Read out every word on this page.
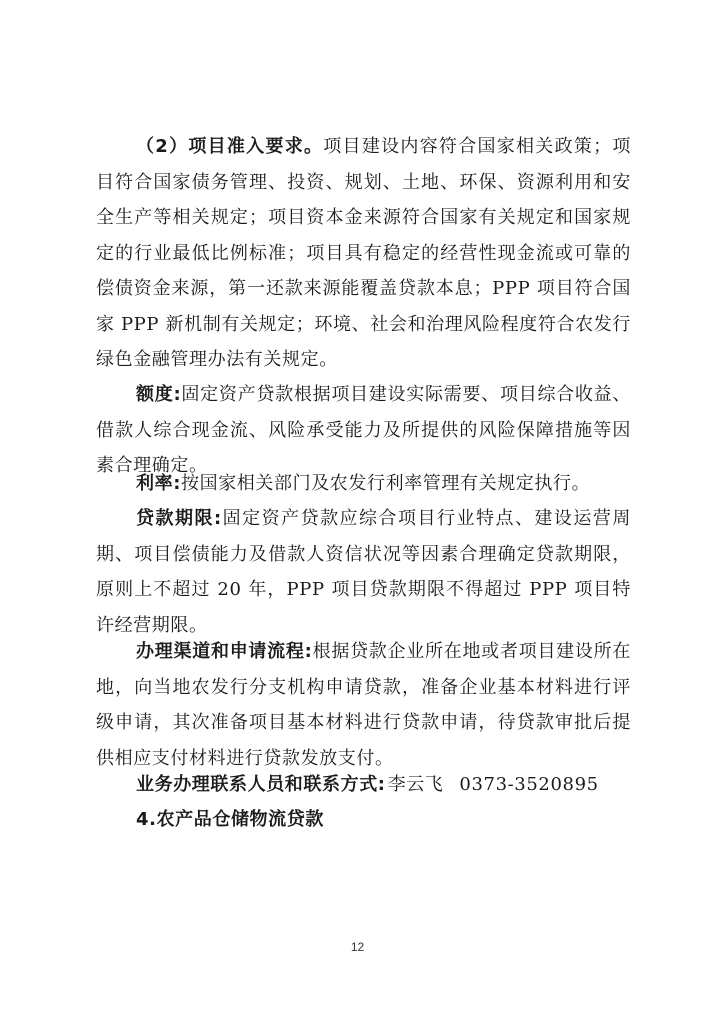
（2）项目准入要求。项目建设内容符合国家相关政策；项目符合国家债务管理、投资、规划、土地、环保、资源利用和安全生产等相关规定；项目资本金来源符合国家有关规定和国家规定的行业最低比例标准；项目具有稳定的经营性现金流或可靠的偿债资金来源，第一还款来源能覆盖贷款本息；PPP 项目符合国家 PPP 新机制有关规定；环境、社会和治理风险程度符合农发行绿色金融管理办法有关规定。

额度:固定资产贷款根据项目建设实际需要、项目综合收益、借款人综合现金流、风险承受能力及所提供的风险保障措施等因素合理确定。

利率:按国家相关部门及农发行利率管理有关规定执行。

贷款期限:固定资产贷款应综合项目行业特点、建设运营周期、项目偿债能力及借款人资信状况等因素合理确定贷款期限，原则上不超过 20 年，PPP 项目贷款期限不得超过 PPP 项目特许经营期限。

办理渠道和申请流程:根据贷款企业所在地或者项目建设所在地，向当地农发行分支机构申请贷款，准备企业基本材料进行评级申请，其次准备项目基本材料进行贷款申请，待贷款审批后提供相应支付材料进行贷款发放支付。

业务办理联系人员和联系方式: 李云飞 0373-3520895

4.农产品仓储物流贷款

12
